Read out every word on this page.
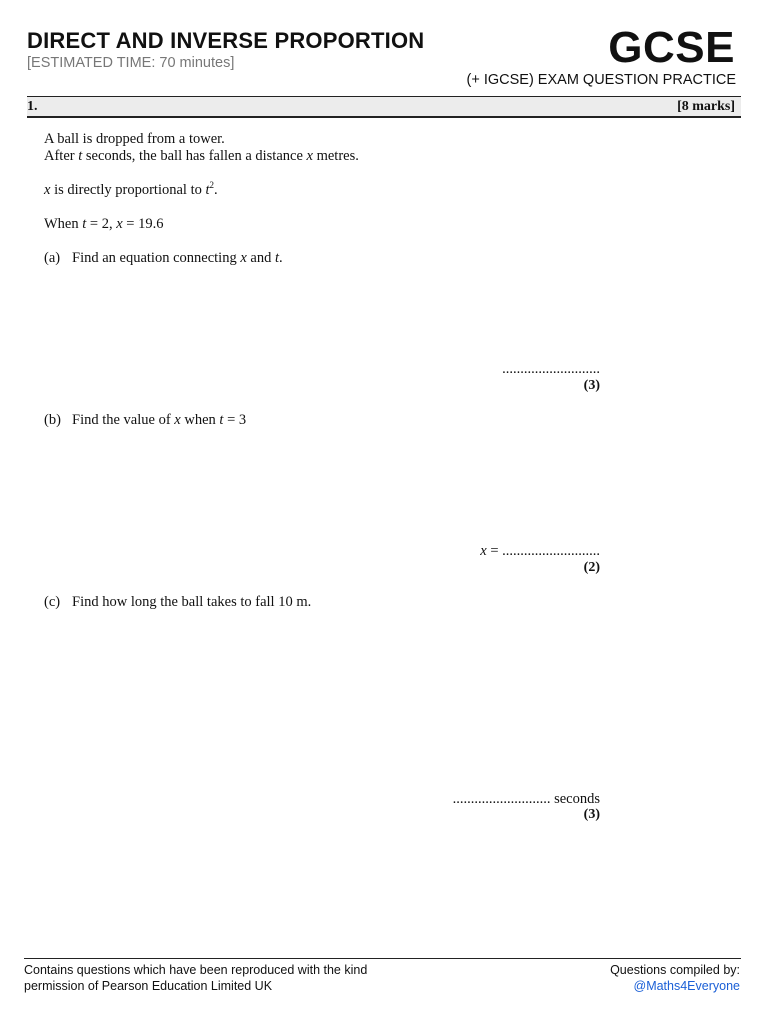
DIRECT AND INVERSE PROPORTION
[ESTIMATED TIME: 70 minutes]	GCSE
(+ IGCSE) EXAM QUESTION PRACTICE
1.	[8 marks]
A ball is dropped from a tower.
After t seconds, the ball has fallen a distance x metres.
x is directly proportional to $t^2$.
When t = 2, x = 19.6
(a) Find an equation connecting x and t.
...........................
(3)
(b) Find the value of x when t = 3
x = ...........................
(2)
(c) Find how long the ball takes to fall 10 m.
........................... seconds
(3)
Contains questions which have been reproduced with the kind
permission of Pearson Education Limited UK
Questions compiled by:
@Maths4Everyone
